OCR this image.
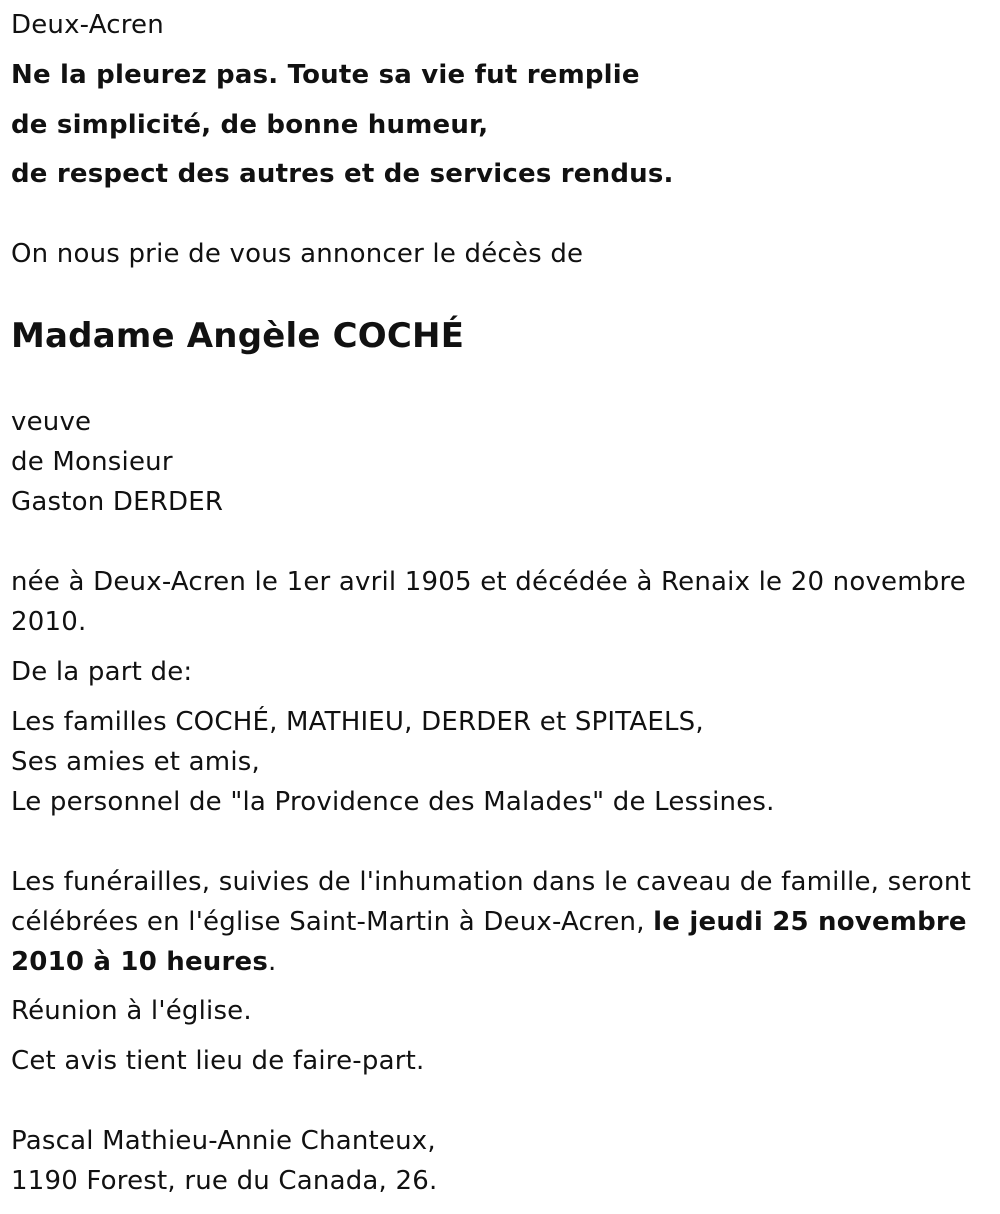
Deux-Acren

Ne la pleurez pas. Toute sa vie fut remplie

de simplicité, de bonne humeur,

de respect des autres et de services rendus.

On nous prie de vous annoncer le décès de

Madame Angèle COCHÉ

veuve

de Monsieur

Gaston DERDER

née à Deux-Acren le 1er avril 1905 et décédée à Renaix le 20 novembre 2010.

De la part de:

Les familles COCHÉ, MATHIEU, DERDER et SPITAELS,

Ses amies et amis,

Le personnel de "la Providence des Malades" de Lessines.

Les funérailles, suivies de l'inhumation dans le caveau de famille, seront célébrées en l'église Saint-Martin à Deux-Acren, le jeudi 25 novembre 2010 à 10 heures.

Réunion à l'église.

Cet avis tient lieu de faire-part.

Pascal Mathieu-Annie Chanteux,

1190 Forest, rue du Canada, 26.
